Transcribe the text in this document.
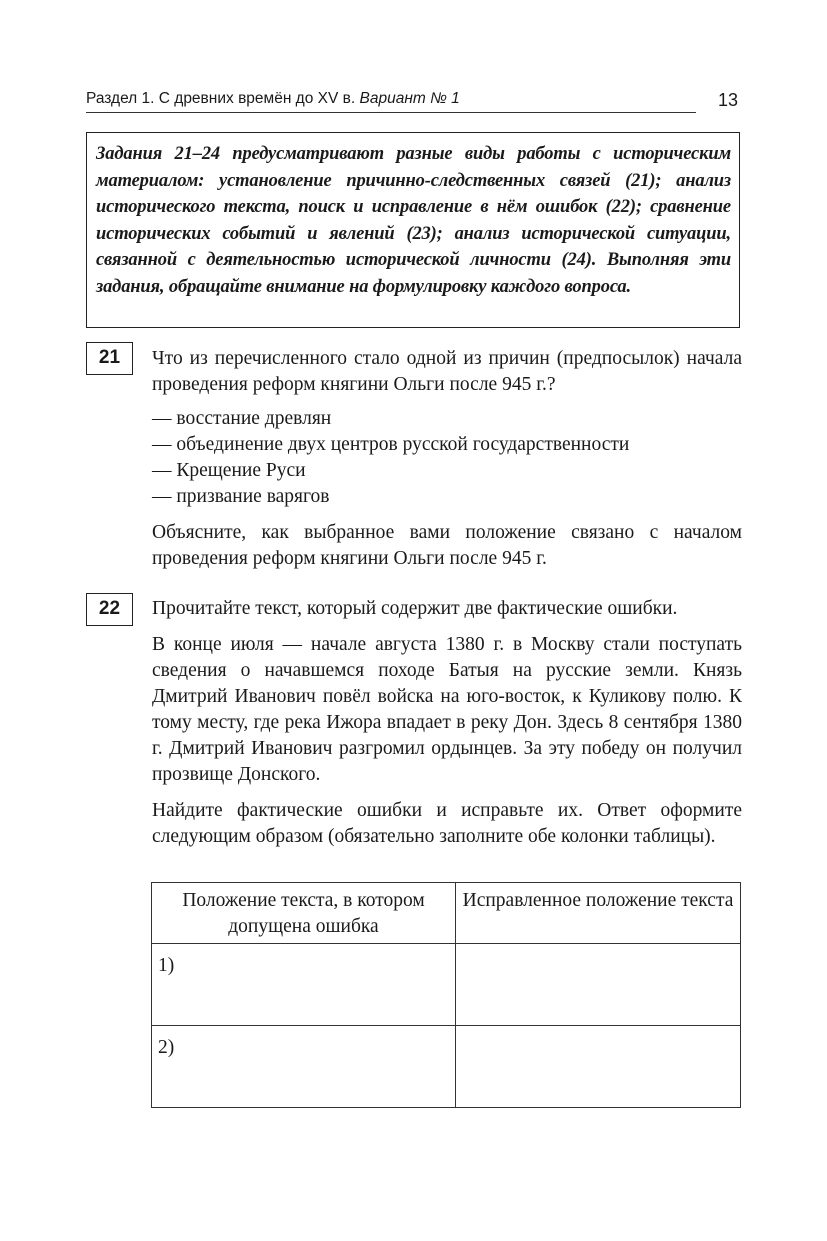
Раздел 1. С древних времён до XV в. Вариант № 1	13

Задания 21–24 предусматривают разные виды работы с историческим материалом: установление причинно-следственных связей (21); анализ исторического текста, поиск и исправление в нём ошибок (22); сравнение исторических событий и явлений (23); анализ исторической ситуации, связанной с деятельностью исторической личности (24). Выполняя эти задания, обращайте внимание на формулировку каждого вопроса.

21	Что из перечисленного стало одной из причин (предпосылок) начала проведения реформ княгини Ольги после 945 г.?

— восстание древлян
— объединение двух центров русской государственности
— Крещение Руси
— призвание варягов

Объясните, как выбранное вами положение связано с началом проведения реформ княгини Ольги после 945 г.

22	Прочитайте текст, который содержит две фактические ошибки.

В конце июля — начале августа 1380 г. в Москву стали поступать сведения о начавшемся походе Батыя на русские земли. Князь Дмитрий Иванович повёл войска на юго-восток, к Куликову полю. К тому месту, где река Ижора впадает в реку Дон. Здесь 8 сентября 1380 г. Дмитрий Иванович разгромил ордынцев. За эту победу он получил прозвище Донского.

Найдите фактические ошибки и исправьте их. Ответ оформите следующим образом (обязательно заполните обе колонки таблицы).

Положение текста, в котором допущена ошибка	Исправленное положение текста
1)	
2)	
